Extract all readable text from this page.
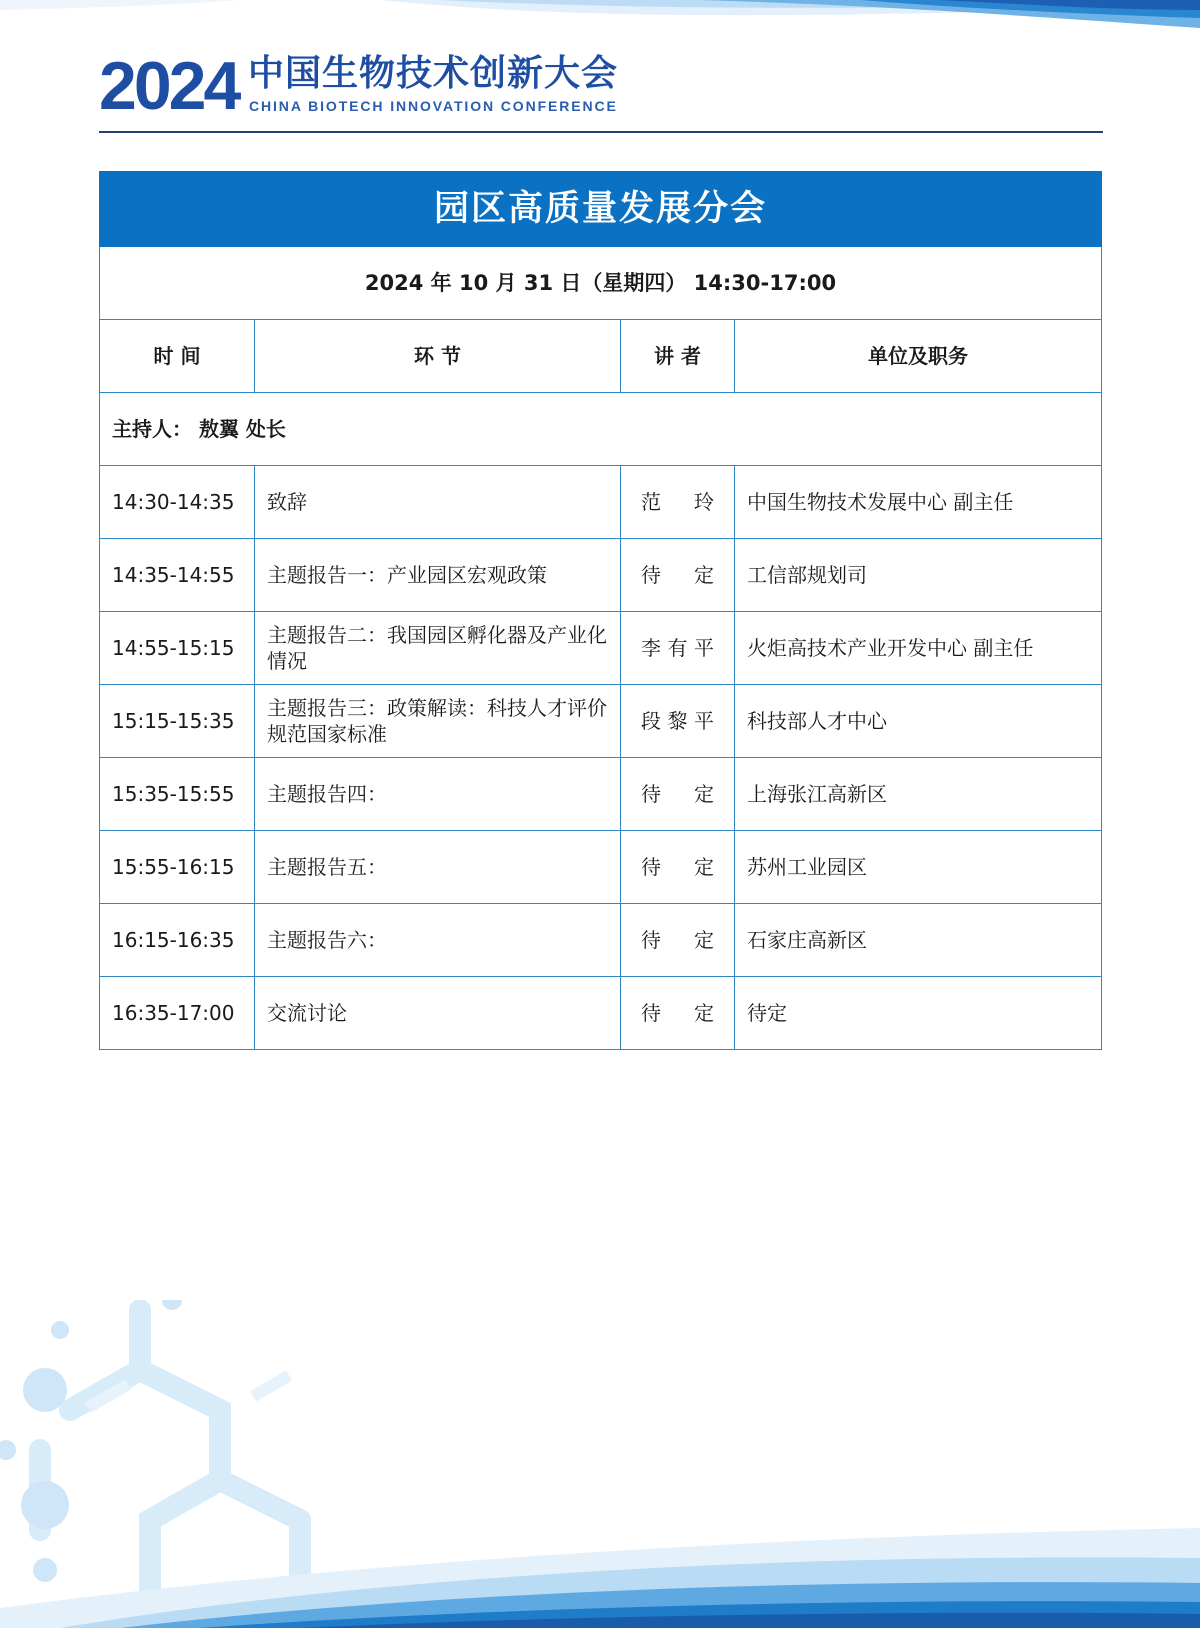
2024 中国生物技术创新大会
CHINA BIOTECH INNOVATION CONFERENCE
园区高质量发展分会			
2024 年 10 月 31 日（星期四） 14:30-17:00			
时 间	环 节	讲 者	单位及职务
主持人： 敖翼 处长			
14:30-14:35	致辞	范 玲	中国生物技术发展中心 副主任
14:35-14:55	主题报告一：产业园区宏观政策	待 定	工信部规划司
14:55-15:15	主题报告二：我国园区孵化器及产业化情况	李有平	火炬高技术产业开发中心 副主任
15:15-15:35	主题报告三：政策解读：科技人才评价规范国家标准	段黎平	科技部人才中心
15:35-15:55	主题报告四：	待 定	上海张江高新区
15:55-16:15	主题报告五：	待 定	苏州工业园区
16:15-16:35	主题报告六：	待 定	石家庄高新区
16:35-17:00	交流讨论	待 定	待定
